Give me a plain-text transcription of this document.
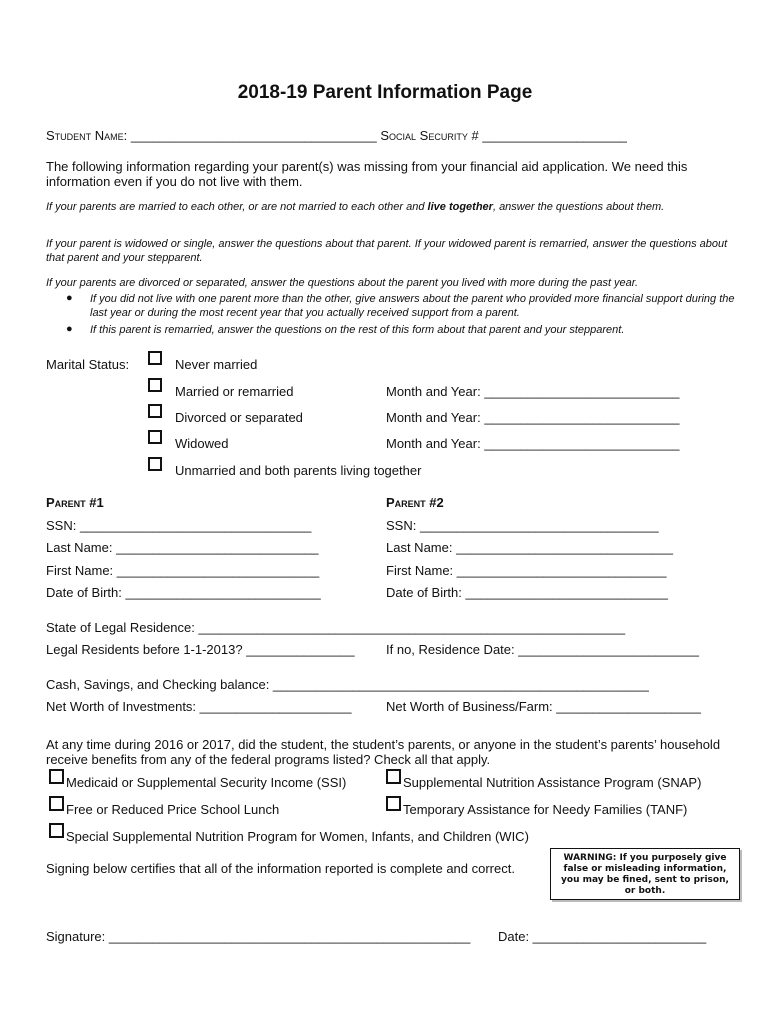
2018-19 Parent Information Page
Student Name: __________________________________ Social Security # ____________________
The following information regarding your parent(s) was missing from your financial aid application. We need this information even if you do not live with them.
If your parents are married to each other, or are not married to each other and live together, answer the questions about them.
If your parent is widowed or single, answer the questions about that parent. If your widowed parent is remarried, answer the questions about that parent and your stepparent.
If your parents are divorced or separated, answer the questions about the parent you lived with more during the past year.
● If you did not live with one parent more than the other, give answers about the parent who provided more financial support during the last year or during the most recent year that you actually received support from a parent.
● If this parent is remarried, answer the questions on the rest of this form about that parent and your stepparent.
Marital Status:	Never married
Married or remarried	Month and Year: ___________________________
Divorced or separated	Month and Year: ___________________________
Widowed	Month and Year: ___________________________
Unmarried and both parents living together
Parent #1	Parent #2
SSN: ________________________________	SSN: _________________________________
Last Name: ____________________________	Last Name: ______________________________
First Name: ____________________________	First Name: _____________________________
Date of Birth: ___________________________	Date of Birth: ____________________________
State of Legal Residence: ___________________________________________________________
Legal Residents before 1-1-2013? _______________ If no, Residence Date: _________________________
Cash, Savings, and Checking balance: ____________________________________________________
Net Worth of Investments: _____________________	Net Worth of Business/Farm: ____________________
At any time during 2016 or 2017, did the student, the student’s parents, or anyone in the student’s parents’ household receive benefits from any of the federal programs listed? Check all that apply.
Medicaid or Supplemental Security Income (SSI)	Supplemental Nutrition Assistance Program (SNAP)
Free or Reduced Price School Lunch	Temporary Assistance for Needy Families (TANF)
Special Supplemental Nutrition Program for Women, Infants, and Children (WIC)
Signing below certifies that all of the information reported is complete and correct.
WARNING: If you purposely give false or misleading information, you may be fined, sent to prison, or both.
Signature: __________________________________________________ Date: ________________________
